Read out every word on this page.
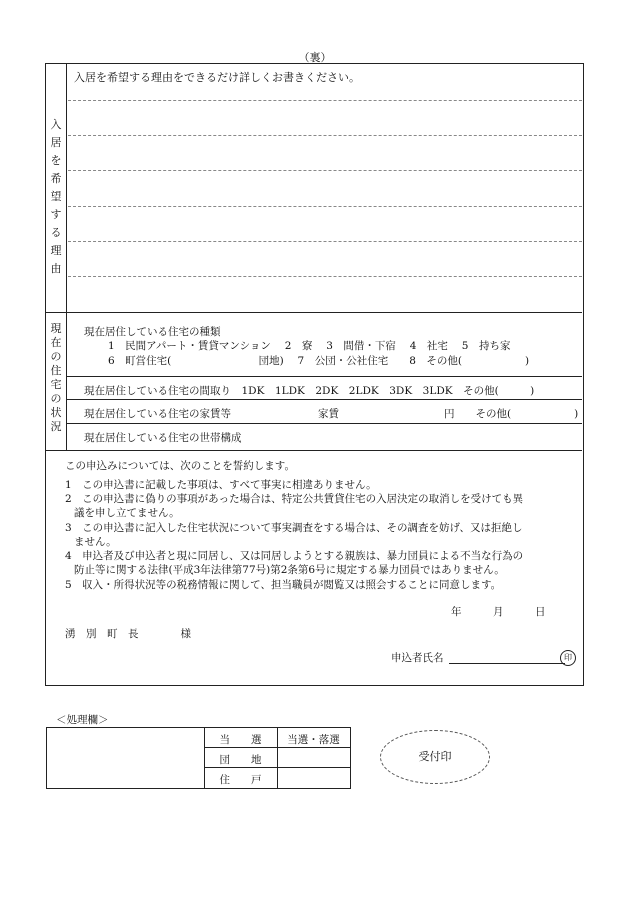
（裏）
入
居
を
希
望
す
る
理
由
入居を希望する理由をできるだけ詳しくお書きください。
現
在
の
住
宅
の
状
況
現在居住している住宅の種類
1　民間アパート・賃貸マンション　 2　寮　 3　間借・下宿　 4　社宅　 5　持ち家
6　町営住宅(　　　　　　　　 団地)　 7　公団・公社住宅　　8　その他(　　　　　　)
現在居住している住宅の間取り　1DK　1LDK　2DK　2LDK　3DK　3LDK　その他(　　　)
現在居住している住宅の家賃等	家賃　　　　　　　　　　円　　その他(　　　　　　)
現在居住している住宅の世帯構成
この申込みについては、次のことを誓約します。
1　この申込書に記載した事項は、すべて事実に相違ありません。
2　この申込書に偽りの事項があった場合は、特定公共賃貸住宅の入居決定の取消しを受けても異
議を申し立てません。
3　この申込書に記入した住宅状況について事実調査をする場合は、その調査を妨げ、又は拒絶し
ません。
4　申込者及び申込者と現に同居し、又は同居しようとする親族は、暴力団員による不当な行為の
防止等に関する法律(平成3年法律第77号)第2条第6号に規定する暴力団員ではありません。
5　収入・所得状況等の税務情報に関して、担当職員が閲覧又は照会することに同意します。
年　　　月　　　日
湧　別　町　長　　　　様
申込者氏名	印
＜処理欄＞
当　　選	当選・落選
団　　地
住　　戸
受付印
